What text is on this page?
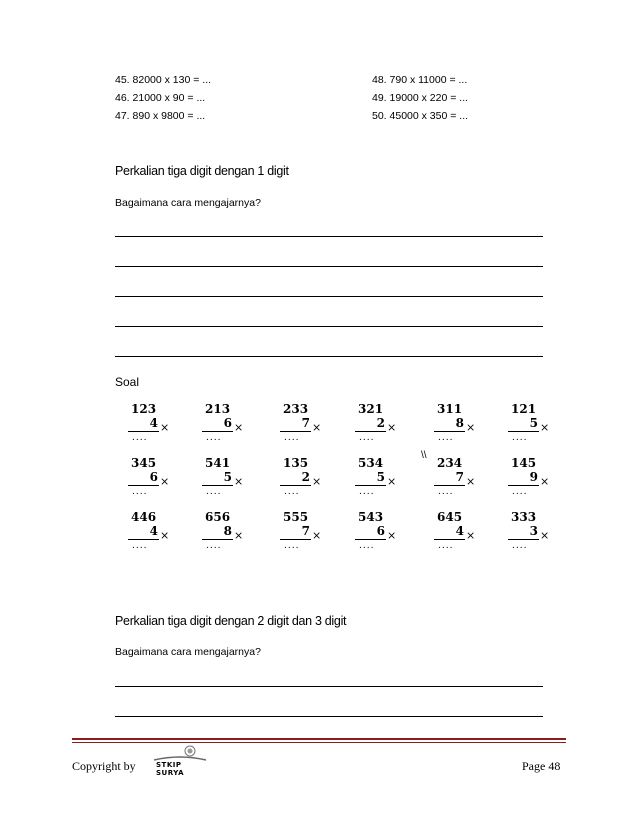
45. 82000 x 130 = ...
46. 21000 x 90 = ...
47. 890 x 9800 = ...
48. 790 x 11000 = ...
49. 19000 x 220 = ...
50. 45000 x 350 = ...
Perkalian tiga digit dengan 1 digit
Bagaimana cara mengajarnya?
Soal
123
4 ×
....
213
6 ×
....
233
7 ×
....
321
2 ×
....
311
8 ×
....
121
5 ×
....
345
6 ×
....
541
5 ×
....
135
2 ×
....
534
5 ×
....
234
7 ×
....
145
9 ×
....
446
4 ×
....
656
8 ×
....
555
7 ×
....
543
6 ×
....
645
4 ×
....
333
3 ×
....
\\
Perkalian tiga digit dengan 2 digit dan 3 digit
Bagaimana cara mengajarnya?
Copyright by	STKIP SURYA	Page 48
